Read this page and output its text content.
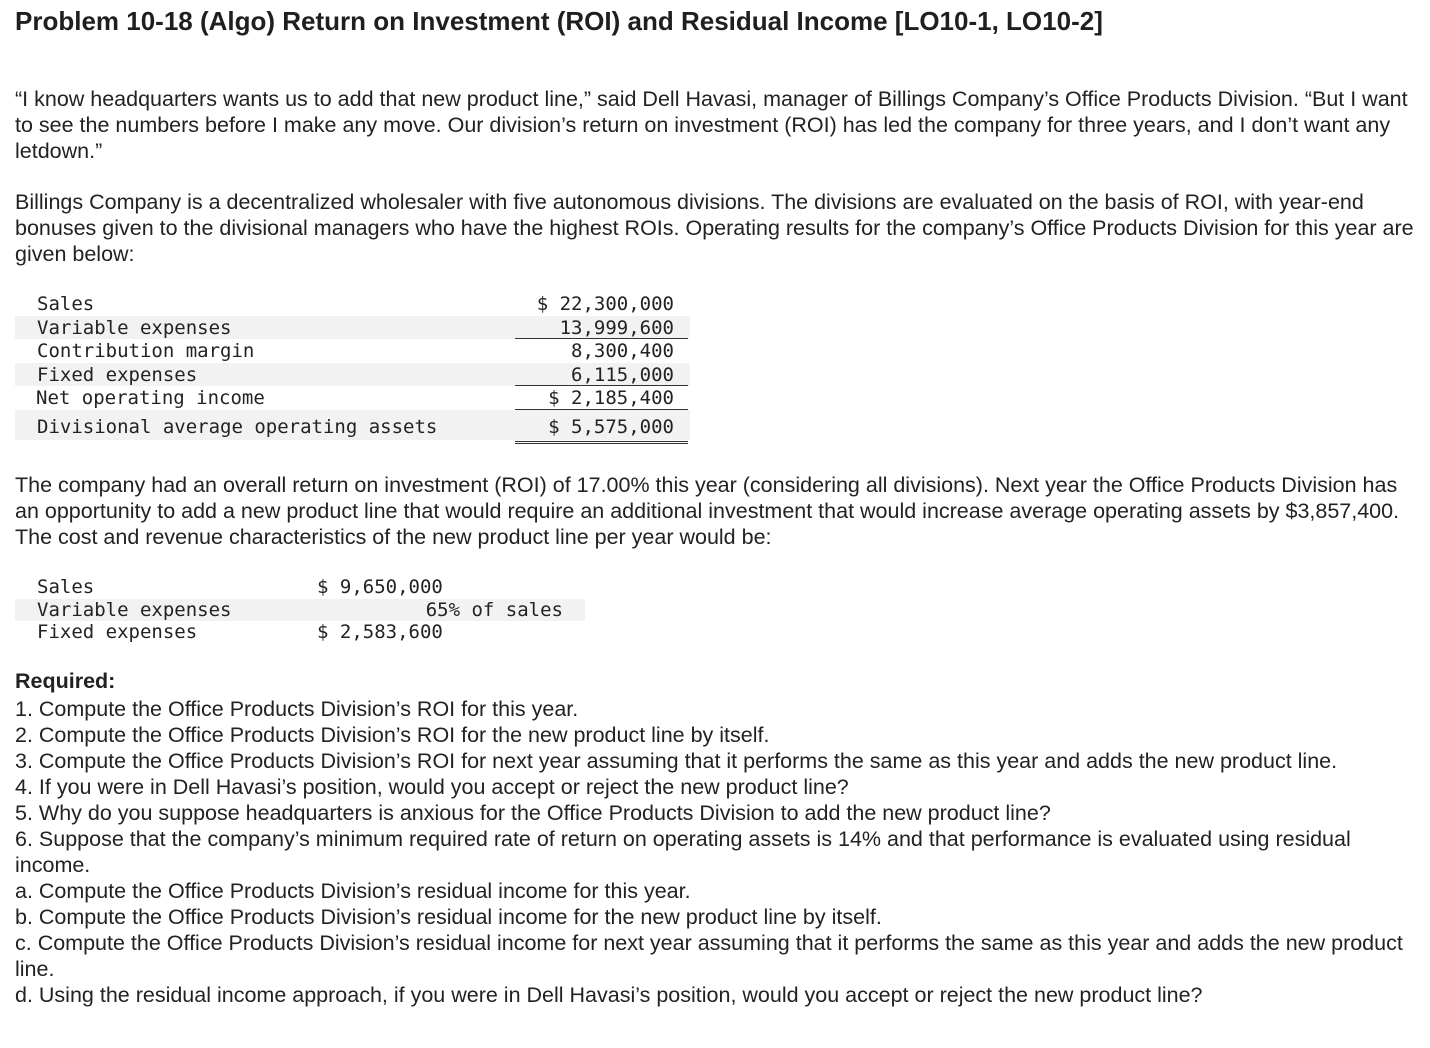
Problem 10-18 (Algo) Return on Investment (ROI) and Residual Income [LO10-1, LO10-2]

“I know headquarters wants us to add that new product line,” said Dell Havasi, manager of Billings Company’s Office Products Division. “But I want to see the numbers before I make any move. Our division’s return on investment (ROI) has led the company for three years, and I don’t want any letdown.”

Billings Company is a decentralized wholesaler with five autonomous divisions. The divisions are evaluated on the basis of ROI, with year-end bonuses given to the divisional managers who have the highest ROIs. Operating results for the company’s Office Products Division for this year are given below:

Sales	$ 22,300,000
Variable expenses	13,999,600
Contribution margin	8,300,400
Fixed expenses	6,115,000
Net operating income	$ 2,185,400
Divisional average operating assets	$ 5,575,000

The company had an overall return on investment (ROI) of 17.00% this year (considering all divisions). Next year the Office Products Division has an opportunity to add a new product line that would require an additional investment that would increase average operating assets by $3,857,400. The cost and revenue characteristics of the new product line per year would be:

Sales	$ 9,650,000
Variable expenses	65% of sales
Fixed expenses	$ 2,583,600
Required:
1. Compute the Office Products Division’s ROI for this year.
2. Compute the Office Products Division’s ROI for the new product line by itself.
3. Compute the Office Products Division’s ROI for next year assuming that it performs the same as this year and adds the new product line.
4. If you were in Dell Havasi’s position, would you accept or reject the new product line?
5. Why do you suppose headquarters is anxious for the Office Products Division to add the new product line?
6. Suppose that the company’s minimum required rate of return on operating assets is 14% and that performance is evaluated using residual income.
a. Compute the Office Products Division’s residual income for this year.
b. Compute the Office Products Division’s residual income for the new product line by itself.
c. Compute the Office Products Division’s residual income for next year assuming that it performs the same as this year and adds the new product line.
d. Using the residual income approach, if you were in Dell Havasi’s position, would you accept or reject the new product line?
